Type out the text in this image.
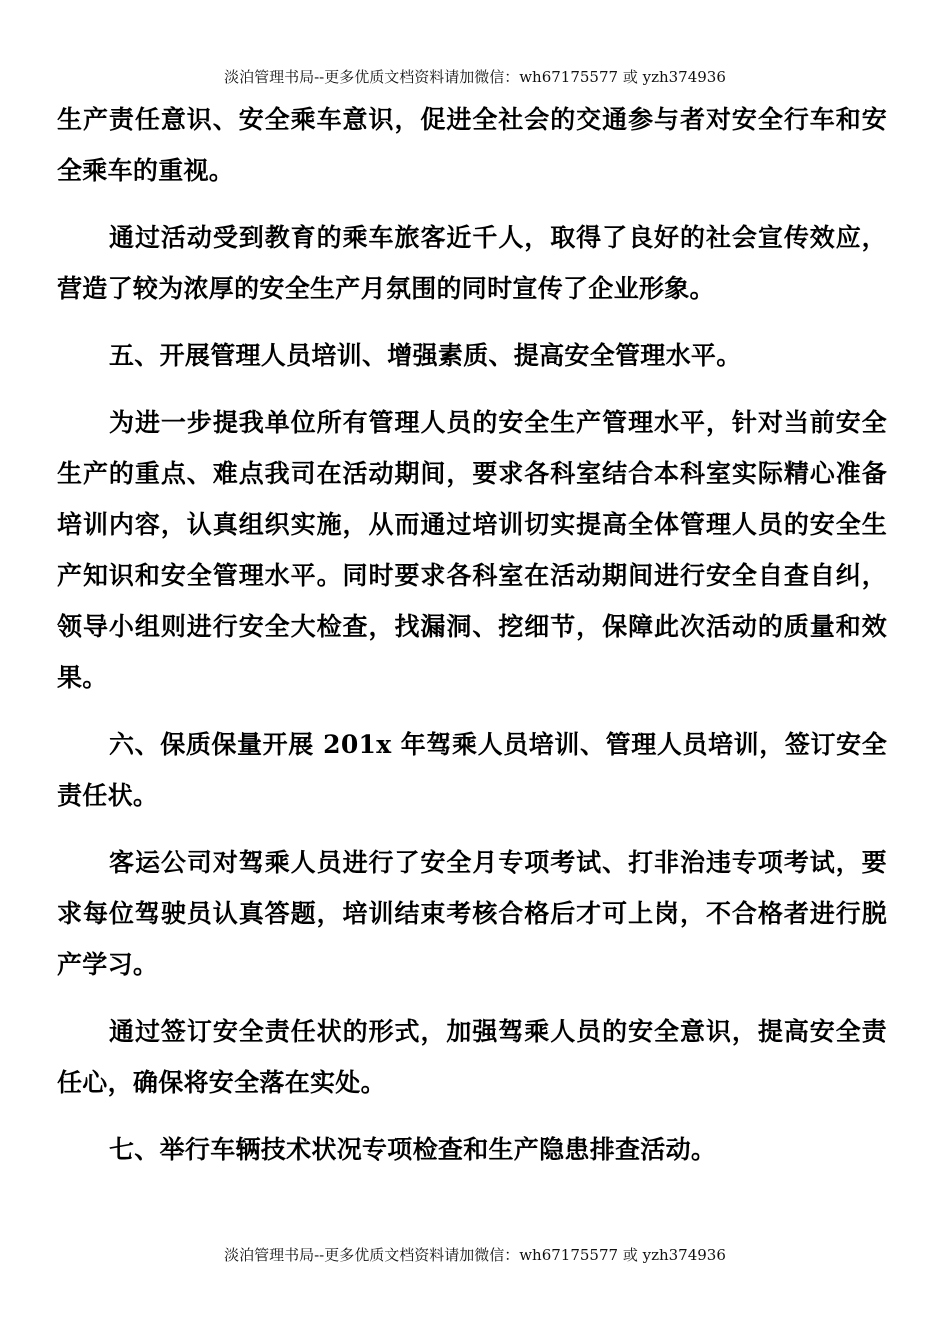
淡泊管理书局--更多优质文档资料请加微信：wh67175577 或 yzh374936

生产责任意识、安全乘车意识，促进全社会的交通参与者对安全行车和安全乘车的重视。

通过活动受到教育的乘车旅客近千人，取得了良好的社会宣传效应，营造了较为浓厚的安全生产月氛围的同时宣传了企业形象。

五、开展管理人员培训、增强素质、提高安全管理水平。

为进一步提我单位所有管理人员的安全生产管理水平，针对当前安全生产的重点、难点我司在活动期间，要求各科室结合本科室实际精心准备培训内容，认真组织实施，从而通过培训切实提高全体管理人员的安全生产知识和安全管理水平。同时要求各科室在活动期间进行安全自查自纠，领导小组则进行安全大检查，找漏洞、挖细节，保障此次活动的质量和效果。

六、保质保量开展 201x 年驾乘人员培训、管理人员培训，签订安全责任状。

客运公司对驾乘人员进行了安全月专项考试、打非治违专项考试，要求每位驾驶员认真答题，培训结束考核合格后才可上岗，不合格者进行脱产学习。

通过签订安全责任状的形式，加强驾乘人员的安全意识，提高安全责任心，确保将安全落在实处。

七、举行车辆技术状况专项检查和生产隐患排查活动。

淡泊管理书局--更多优质文档资料请加微信：wh67175577 或 yzh374936
